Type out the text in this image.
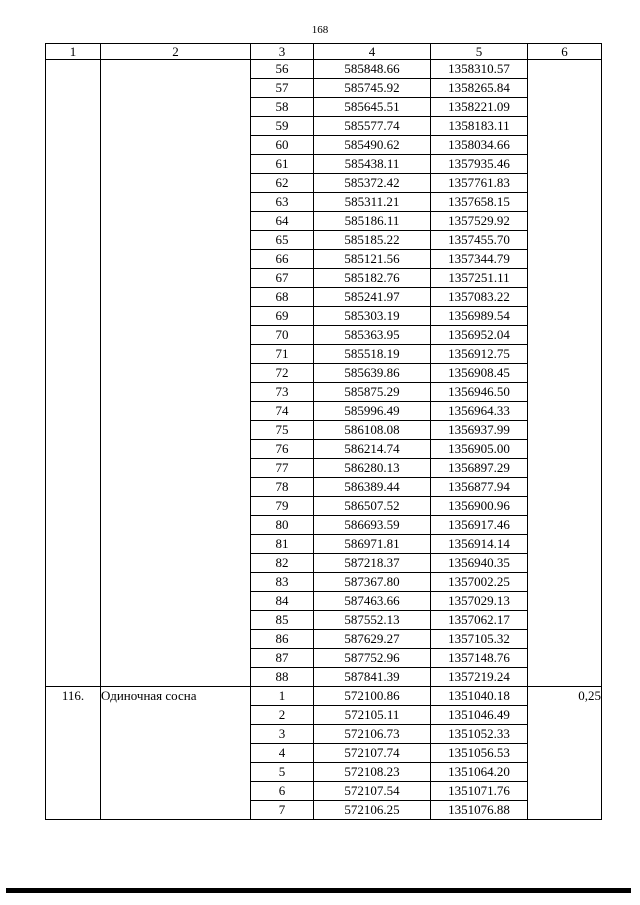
168
1	2	3	4	5	6
		56	585848.66	1358310.57	
		57	585745.92	1358265.84	
		58	585645.51	1358221.09	
		59	585577.74	1358183.11	
		60	585490.62	1358034.66	
		61	585438.11	1357935.46	
		62	585372.42	1357761.83	
		63	585311.21	1357658.15	
		64	585186.11	1357529.92	
		65	585185.22	1357455.70	
		66	585121.56	1357344.79	
		67	585182.76	1357251.11	
		68	585241.97	1357083.22	
		69	585303.19	1356989.54	
		70	585363.95	1356952.04	
		71	585518.19	1356912.75	
		72	585639.86	1356908.45	
		73	585875.29	1356946.50	
		74	585996.49	1356964.33	
		75	586108.08	1356937.99	
		76	586214.74	1356905.00	
		77	586280.13	1356897.29	
		78	586389.44	1356877.94	
		79	586507.52	1356900.96	
		80	586693.59	1356917.46	
		81	586971.81	1356914.14	
		82	587218.37	1356940.35	
		83	587367.80	1357002.25	
		84	587463.66	1357029.13	
		85	587552.13	1357062.17	
		86	587629.27	1357105.32	
		87	587752.96	1357148.76	
		88	587841.39	1357219.24	
116.	Одиночная сосна	1	572100.86	1351040.18	0,25
		2	572105.11	1351046.49	
		3	572106.73	1351052.33	
		4	572107.74	1351056.53	
		5	572108.23	1351064.20	
		6	572107.54	1351071.76	
		7	572106.25	1351076.88	
